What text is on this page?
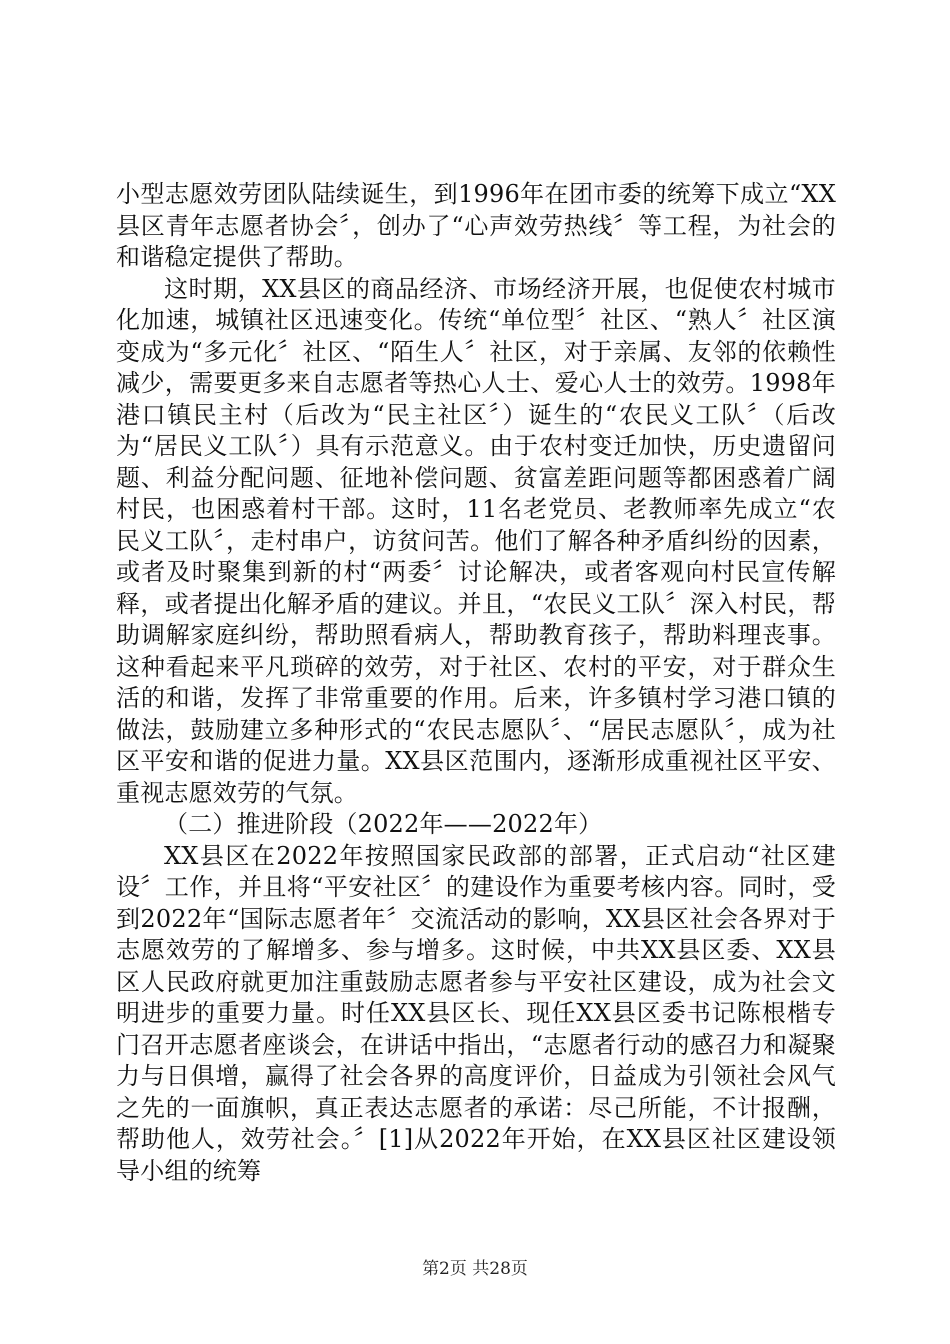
小型志愿效劳团队陆续诞生，到1996年在团市委的统筹下成立“XX县区青年志愿者协会〞，创办了“心声效劳热线〞等工程，为社会的和谐稳定提供了帮助。

这时期，XX县区的商品经济、市场经济开展，也促使农村城市化加速，城镇社区迅速变化。传统“单位型〞社区、“熟人〞社区演变成为“多元化〞社区、“陌生人〞社区，对于亲属、友邻的依赖性减少，需要更多来自志愿者等热心人士、爱心人士的效劳。1998年港口镇民主村（后改为“民主社区〞）诞生的“农民义工队〞（后改为“居民义工队〞）具有示范意义。由于农村变迁加快，历史遗留问题、利益分配问题、征地补偿问题、贫富差距问题等都困惑着广阔村民，也困惑着村干部。这时，11名老党员、老教师率先成立“农民义工队〞，走村串户，访贫问苦。他们了解各种矛盾纠纷的因素，或者及时聚集到新的村“两委〞讨论解决，或者客观向村民宣传解释，或者提出化解矛盾的建议。并且，“农民义工队〞深入村民，帮助调解家庭纠纷，帮助照看病人，帮助教育孩子，帮助料理丧事。这种看起来平凡琐碎的效劳，对于社区、农村的平安，对于群众生活的和谐，发挥了非常重要的作用。后来，许多镇村学习港口镇的做法，鼓励建立多种形式的“农民志愿队〞、“居民志愿队〞，成为社区平安和谐的促进力量。XX县区范围内，逐渐形成重视社区平安、重视志愿效劳的气氛。

（二）推进阶段（2022年——2022年）

XX县区在2022年按照国家民政部的部署，正式启动“社区建设〞工作，并且将“平安社区〞的建设作为重要考核内容。同时，受到2022年“国际志愿者年〞交流活动的影响，XX县区社会各界对于志愿效劳的了解增多、参与增多。这时候，中共XX县区委、XX县区人民政府就更加注重鼓励志愿者参与平安社区建设，成为社会文明进步的重要力量。时任XX县区长、现任XX县区委书记陈根楷专门召开志愿者座谈会，在讲话中指出，“志愿者行动的感召力和凝聚力与日俱增，赢得了社会各界的高度评价，日益成为引领社会风气之先的一面旗帜，真正表达志愿者的承诺：尽己所能，不计报酬，帮助他人，效劳社会。〞[1]从2022年开始，在XX县区社区建设领导小组的统筹

第2页 共28页
